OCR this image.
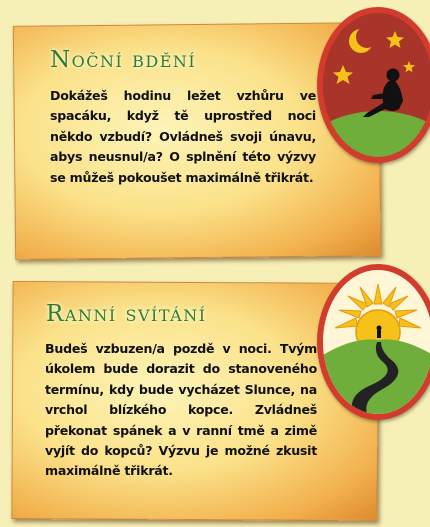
Noční bdění
Dokážeš hodinu ležet vzhůru ve spacáku, když tě uprostřed noci někdo vzbudí? Ovládneš svoji únavu, abys neusnul/a? O splnění této výzvy se můžeš pokoušet maximálně třikrát.
Ranní svítání
Budeš vzbuzen/a pozdě v noci. Tvým úkolem bude dorazit do stanoveného termínu, kdy bude vycházet Slunce, na vrchol blízkého kopce. Zvládneš překonat spánek a v ranní tmě a zimě vyjít do kopců? Výzvu je možné zkusit maximálně třikrát.
